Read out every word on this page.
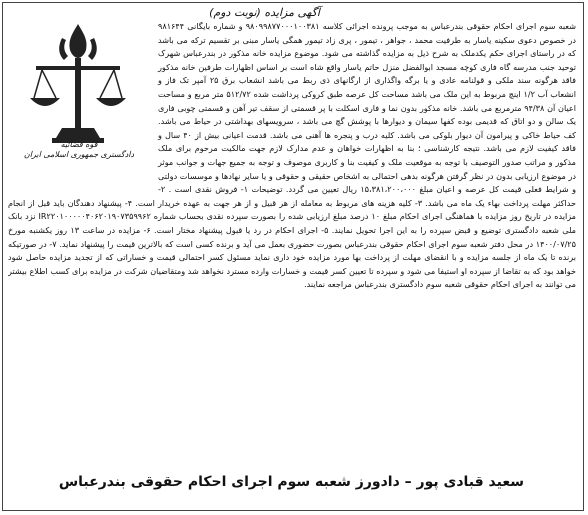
آگهی مزایده (نوبت دوم)
قوه قضائیه
دادگستری جمهوری اسلامی ایران
شعبه سوم اجرای احکام حقوقی بندرعباس به موجب پرونده اجرائی کلاسه ۹۸۰۹۹۸۷۷۰۰۰۱۰۰۳۸۱ و شماره بایگانی ۹۸۱۶۴۴ در خصوص دعوی سکینه یاسار به طرفیت محمد ، جواهر ، تیمور ، پری زاد تیمور همگی یاسار مبنی بر تقسیم ترکه می باشد که در راستای اجرای حکم یکدملک به شرح ذیل به مزایده گذاشته می شود. موضوع مزایده خانه مذکور در بندرعباس شهرک توحید جنب مدرسه گاه فاری کوچه مسجد ابوالفضل منزل حاتم یاسار واقع شاه است بر اساس اظهارات طرفین خانه مذکور فاقد هرگونه سند ملکی و قولنامه عادی و یا برگه واگذاری از ارگانهای ذی ربط می باشد انشعاب برق ۲۵ آمپر تک فاز و انشعاب آب ۱/۲ اینچ مربوط به این ملک می باشد مساحت کل عرصه طبق کروکی پرداشت شده ۵۱۲/۷۲ متر مربع و مساحت اعیان آن ۹۴/۳۸ مترمربع می باشد. خانه مذکور بدون نما و فاری اسکلت با پر قسمتی از سقف تیر آهن و قسمتی چوبی فاری یک سالن و دو اتاق که قدیمی بوده کفها سیمان و دیوارها با پوشش گچ می باشد ، سرویسهای بهداشتی در حیاط می باشد. کف حیاط خاکی و پیرامون آن دیوار بلوکی می باشد. کلیه درب و پنجره ها آهنی می باشد. قدمت اعیانی بیش از ۴۰ سال و فاقد کیفیت لازم می باشد. نتیجه کارشناسی ؛ بنا به اظهارات خواهان و عدم مدارک لازم جهت مالکیت مرحوم برای ملک مذکور و مراتب صدور التوصیف با توجه به موقعیت ملک و کیفیت بنا و کاربری موصوف و توجه به جمیع جهات و جوانب موثر در موضوع ارزیابی بدون در نظر گرفتن هرگونه بدهی احتمالی به اشخاص حقیقی و حقوقی و یا سایر نهادها و موسسات دولتی و شرایط فعلی قیمت کل عرصه و اعیان مبلغ ۱۵،۳۸۱،۲۰۰،۰۰۰ ریال تعیین می گردد. توضیحات ۱- فروش نقدی است . ۲- حداکثر مهلت پرداخت بهاء یک ماه می باشد. ۳- کلیه هزینه های مربوط به معامله از هر قبیل و از هر جهت به عهده خریدار است. ۴- پیشنهاد دهندگان باید قبل از انجام مزایده در تاریخ روز مزایده با هماهنگی اجرای احکام مبلغ ۱۰ درصد مبلغ ارزیابی شده را بصورت سپرده نقدی بحساب شماره IR۲۲۰۱۰۰۰۰۰۴۰۶۲۰۱۹۰۷۳۵۹۹۶۲ نزد بانک ملی شعبه دادگستری توضیع و قبض سپرده را به این اجرا تحویل نمایند. ۵- اجرای احکام در رد یا قبول پیشنهاد مختار است. ۶- مزایده در ساعت ۱۳ روز یکشنبه مورخ ۱۴۰۰/۰۷/۲۵ در محل دفتر شعبه سوم اجرای احکام حقوقی بندرعباس بصورت حضوری بعمل می آید و برنده کسی است که بالاترین قیمت را پیشنهاد نماید. ۷- در صورتیکه برنده تا یک ماه از جلسه مزایده و با انقضای مهلت از پرداخت بها مورد مزایده خود داری نماید مسئول کسر احتمالی قیمت و خساراتی که از تجدید مزایده حاصل شود خواهد بود که به تقاضا از سپرده او استیفا می شود و سپرده تا تعیین کسر قیمت و خسارات وارده مسترد نخواهد شد ومتقاضیان شرکت در مزایده برای کسب اطلاع بیشتر می توانند به اجرای احکام حقوقی شعبه سوم دادگستری بندرعباس مراجعه نمایند.
سعید قبادی پور – دادورز شعبه سوم اجرای احکام حقوقی بندرعباس
